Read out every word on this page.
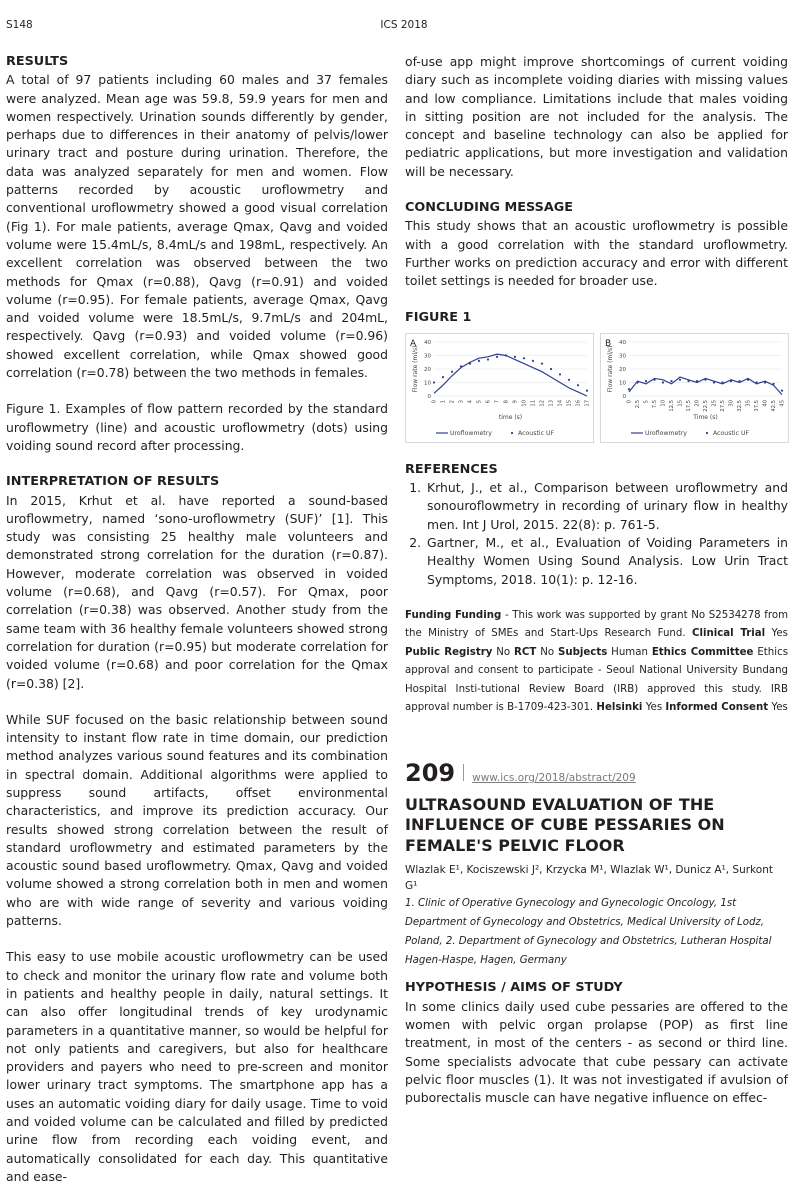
S148	ICS 2018
RESULTS

A total of 97 patients including 60 males and 37 females were analyzed. Mean age was 59.8, 59.9 years for men and women respectively. Urination sounds differently by gender, perhaps due to differences in their anatomy of pelvis/lower urinary tract and posture during urination. Therefore, the data was analyzed separately for men and women. Flow patterns recorded by acoustic uroflowmetry and conventional uroflowmetry showed a good visual correlation (Fig 1). For male patients, average Qmax, Qavg and voided volume were 15.4mL/s, 8.4mL/s and 198mL, respectively. An excellent correlation was observed between the two methods for Qmax (r=0.88), Qavg (r=0.91) and voided volume (r=0.95). For female patients, average Qmax, Qavg and voided volume were 18.5mL/s, 9.7mL/s and 204mL, respectively. Qavg (r=0.93) and voided volume (r=0.96) showed excellent correlation, while Qmax showed good correlation (r=0.78) between the two methods in females.

Figure 1. Examples of flow pattern recorded by the standard uroflowmetry (line) and acoustic uroflowmetry (dots) using voiding sound record after processing.

INTERPRETATION OF RESULTS

In 2015, Krhut et al. have reported a sound-based uroflowmetry, named ‘sono-uroflowmetry (SUF)’ [1]. This study was consisting 25 healthy male volunteers and demonstrated strong correlation for the duration (r=0.87). However, moderate correlation was observed in voided volume (r=0.68), and Qavg (r=0.57). For Qmax, poor correlation (r=0.38) was observed. Another study from the same team with 36 healthy female volunteers showed strong correlation for duration (r=0.95) but moderate correlation for voided volume (r=0.68) and poor correlation for the Qmax (r=0.38) [2].

While SUF focused on the basic relationship between sound intensity to instant flow rate in time domain, our prediction method analyzes various sound features and its combination in spectral domain. Additional algorithms were applied to suppress sound artifacts, offset environmental characteristics, and improve its prediction accuracy. Our results showed strong correlation between the result of standard uroflowmetry and estimated parameters by the acoustic sound based uroflowmetry. Qmax, Qavg and voided volume showed a strong correlation both in men and women who are with wide range of severity and various voiding patterns.

This easy to use mobile acoustic uroflowmetry can be used to check and monitor the urinary flow rate and volume both in patients and healthy people in daily, natural settings. It can also offer longitudinal trends of key urodynamic parameters in a quantitative manner, so would be helpful for not only patients and caregivers, but also for healthcare providers and payers who need to pre-screen and monitor lower urinary tract symptoms. The smartphone app has a uses an automatic voiding diary for daily usage. Time to void and voided volume can be calculated and filled by predicted urine flow from recording each voiding event, and automatically consolidated for each day. This quantitative and ease-

of-use app might improve shortcomings of current voiding diary such as incomplete voiding diaries with missing values and low compliance. Limitations include that males voiding in sitting position are not included for the analysis. The concept and baseline technology can also be applied for pediatric applications, but more investigation and validation will be necessary.

CONCLUDING MESSAGE

This study shows that an acoustic uroflowmetry is possible with a good correlation with the standard uroflowmetry. Further works on prediction accuracy and error with different toilet settings is needed for broader use.

FIGURE 1
A
0
10
20
30
40
Flow rate (ml/s)
0 1 2 3 4 5 6 7 8 9 10 11 12 13 14 15 16 17
time (s)
Uroflowmetry	Acoustic UF
B
0
10
20
30
40
Flow rate (ml/s)
0 2.5 5 7.5 10 12.5 15 17.5 20 22.5 25 27.5 30 32.5 35 37.5 40 42.5 45
Time (s)
Uroflowmetry	Acoustic UF
REFERENCES
1. Krhut, J., et al., Comparison between uroflowmetry and sonouroflowmetry in recording of urinary flow in healthy men. Int J Urol, 2015. 22(8): p. 761-5.
2. Gartner, M., et al., Evaluation of Voiding Parameters in Healthy Women Using Sound Analysis. Low Urin Tract Symptoms, 2018. 10(1): p. 12-16.
Funding Funding - This work was supported by grant No S2534278 from the Ministry of SMEs and Start-Ups Research Fund. Clinical Trial Yes Public Registry No RCT No Subjects Human Ethics Committee Ethics approval and consent to participate - Seoul National University Bundang Hospital Insti-tutional Review Board (IRB) approved this study. IRB approval number is B-1709-423-301. Helsinki Yes Informed Consent Yes
209 www.ics.org/2018/abstract/209
ULTRASOUND EVALUATION OF THE INFLUENCE OF CUBE PESSARIES ON FEMALE'S PELVIC FLOOR
Wlazlak E¹, Kociszewski J², Krzycka M¹, Wlazlak W¹, Dunicz A¹, Surkont G¹
1. Clinic of Operative Gynecology and Gynecologic Oncology, 1st Department of Gynecology and Obstetrics, Medical University of Lodz, Poland, 2. Department of Gynecology and Obstetrics, Lutheran Hospital Hagen-Haspe, Hagen, Germany
HYPOTHESIS / AIMS OF STUDY

In some clinics daily used cube pessaries are offered to the women with pelvic organ prolapse (POP) as first line treatment, in most of the centers - as second or third line. Some specialists advocate that cube pessary can activate pelvic floor muscles (1). It was not investigated if avulsion of puborectalis muscle can have negative influence on effec-
